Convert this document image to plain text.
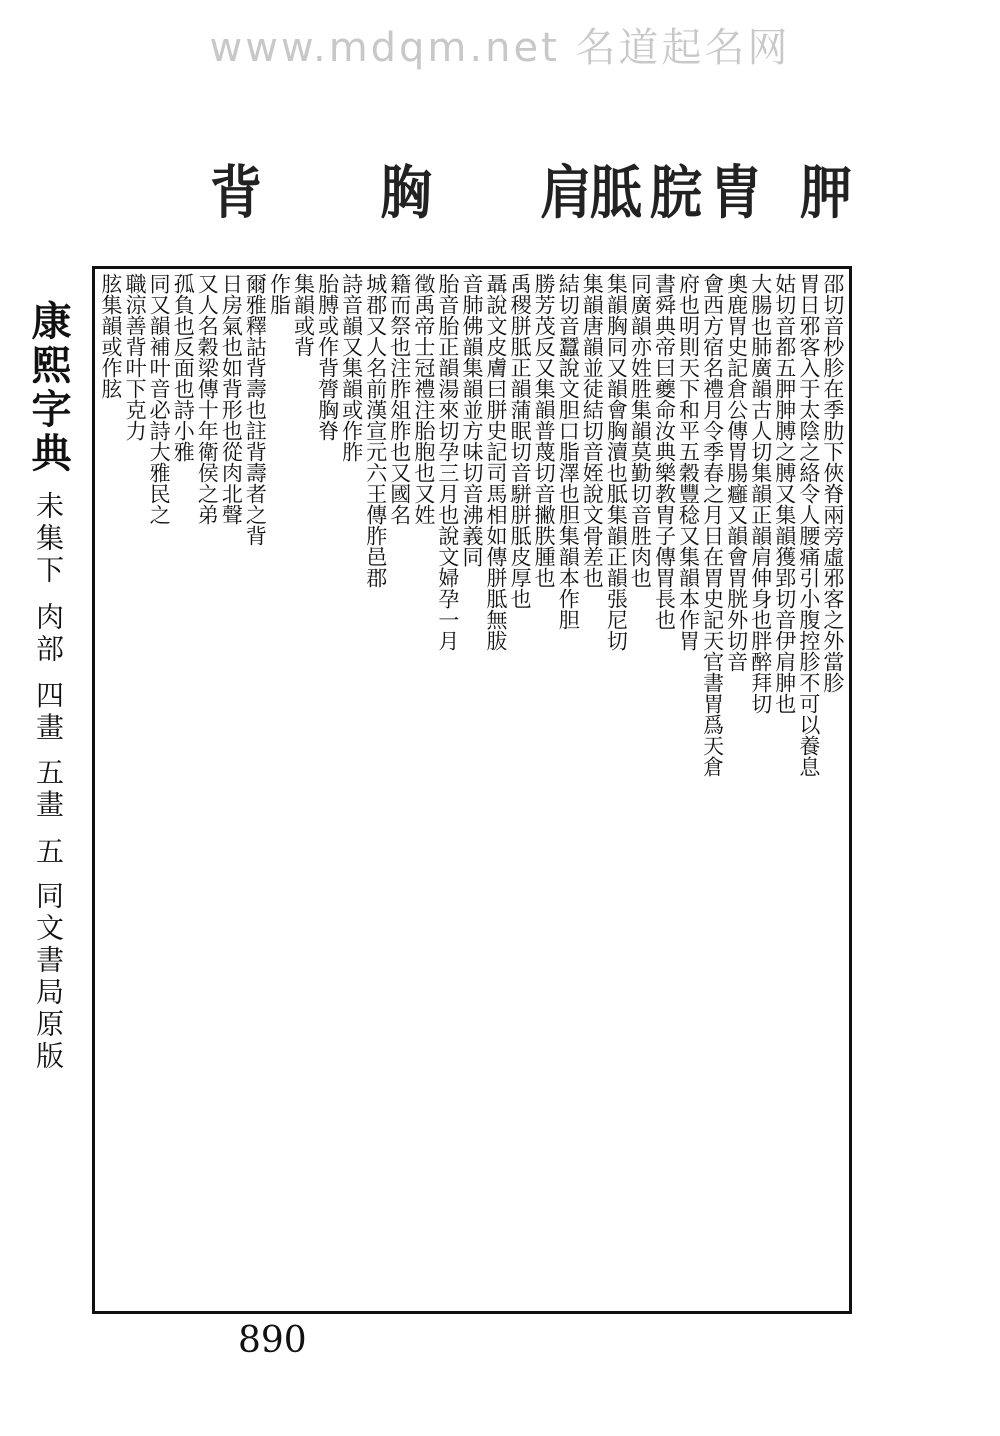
www.mdqm.net 名道起名网
胛
胄
脘
胝
肩
胸
背
康熙字典 未集下 肉部 四畫 五畫 五 同文書局原版
邵切音杪胗在季肋下俠脊兩旁虛邪客之外當胗
胃日邪客入于太陰之絡令人腰痛引小腹控胗不可以養息
姑切音都五胛胂膊之膊又集韻獲郢切音伊肩胂也
大腸也肺廣韻古人切集韻正韻肩伸身也胖醉拜切
奧鹿胃史記倉公傳胃腸癰又韻會胃胱外切音
會西方宿名禮月令季春之月日在胃史記天官書胃爲天倉
府也明則天下和平五穀豐稔又集韻本作胃
書舜典帝曰夔命汝典樂教胄子傳胃長也
同廣韻亦姓胜集韻莫勤切音胜肉也
集韻胸同又韻會胸瀆也胝集韻正韻張尼切
集韻唐韻並徒結切音姪說文骨差也
結切音蠶說文胆口脂澤也胆集韻本作胆
勝芳茂反又集韻普蔑切音撇胅腫也
禹稷胼胝正韻蒲眠切音駢胼胝皮厚也
聶說文皮膚曰胼史記司馬相如傳胼胝無胈
音肺佛韻集韻並方味切音沸義同
胎音胎正韻湯來切孕三月也說文婦孕一月
徵禹帝士冠禮注胎胞也又姓
籍而祭也注胙俎胙也又國名
城郡又人名前漢宣元六王傳胙邑郡
詩音韻又集韻或作胙
胎膊或作背膂胸脊
集韻或背
作脂
爾雅釋詁背壽也註背壽者之背
日房氣也如背形也從肉北聲
又人名穀梁傳十年衛侯之弟
孤負也反面也詩小雅
同又韻補叶音必詩大雅民之
職涼善背叶下克力
胘集韻或作胘
890
